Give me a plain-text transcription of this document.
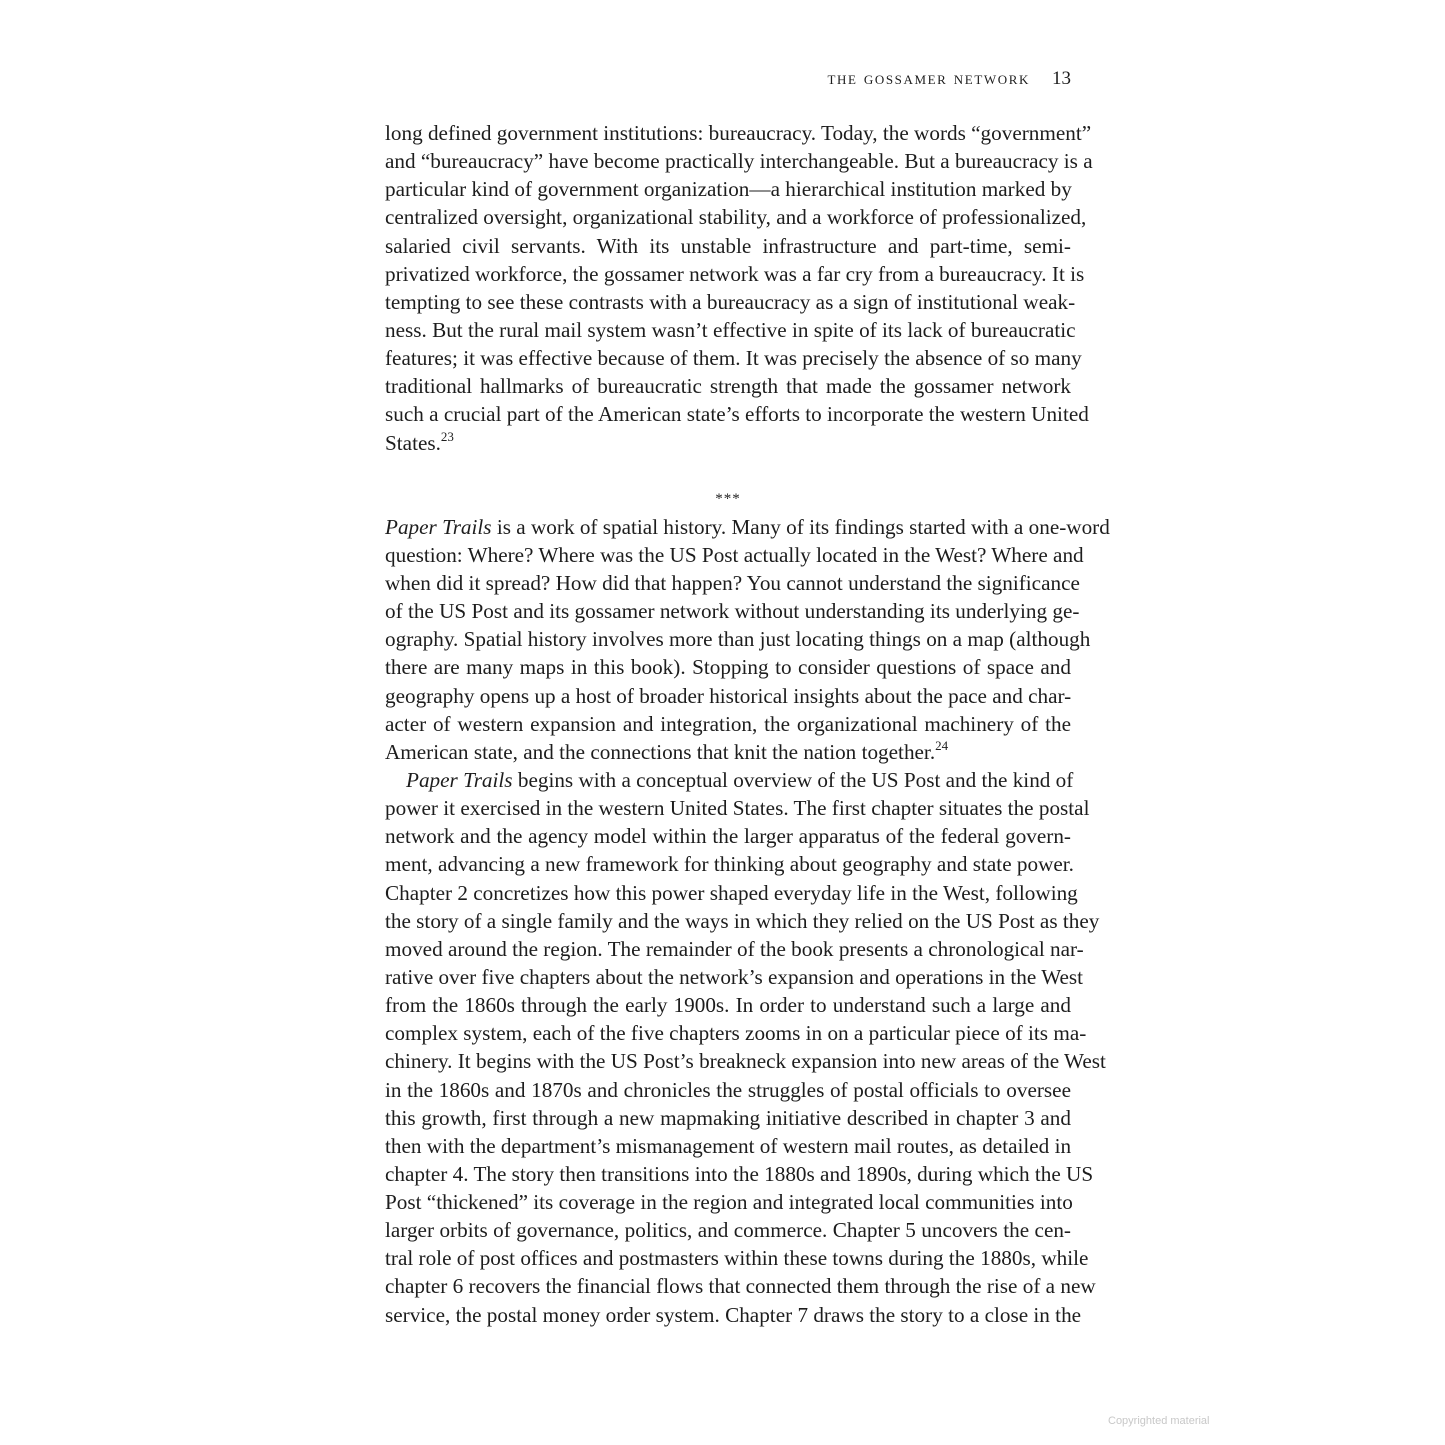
the gossamer network 13

long defined government institutions: bureaucracy. Today, the words “government”
and “bureaucracy” have become practically interchangeable. But a bureaucracy is a
particular kind of government organization—a hierarchical institution marked by
centralized oversight, organizational stability, and a workforce of professionalized,
salaried civil servants. With its unstable infrastructure and part-time, semi-
privatized workforce, the gossamer network was a far cry from a bureaucracy. It is
tempting to see these contrasts with a bureaucracy as a sign of institutional weak-
ness. But the rural mail system wasn’t effective in spite of its lack of bureaucratic
features; it was effective because of them. It was precisely the absence of so many
traditional hallmarks of bureaucratic strength that made the gossamer network
such a crucial part of the American state’s efforts to incorporate the western United
States.$^{23}$

***

Paper Trails is a work of spatial history. Many of its findings started with a one-word
question: Where? Where was the US Post actually located in the West? Where and
when did it spread? How did that happen? You cannot understand the significance
of the US Post and its gossamer network without understanding its underlying ge-
ography. Spatial history involves more than just locating things on a map (although
there are many maps in this book). Stopping to consider questions of space and
geography opens up a host of broader historical insights about the pace and char-
acter of western expansion and integration, the organizational machinery of the
American state, and the connections that knit the nation together.$^{24}$

Paper Trails begins with a conceptual overview of the US Post and the kind of
power it exercised in the western United States. The first chapter situates the postal
network and the agency model within the larger apparatus of the federal govern-
ment, advancing a new framework for thinking about geography and state power.
Chapter 2 concretizes how this power shaped everyday life in the West, following
the story of a single family and the ways in which they relied on the US Post as they
moved around the region. The remainder of the book presents a chronological nar-
rative over five chapters about the network’s expansion and operations in the West
from the 1860s through the early 1900s. In order to understand such a large and
complex system, each of the five chapters zooms in on a particular piece of its ma-
chinery. It begins with the US Post’s breakneck expansion into new areas of the West
in the 1860s and 1870s and chronicles the struggles of postal officials to oversee
this growth, first through a new mapmaking initiative described in chapter 3 and
then with the department’s mismanagement of western mail routes, as detailed in
chapter 4. The story then transitions into the 1880s and 1890s, during which the US
Post “thickened” its coverage in the region and integrated local communities into
larger orbits of governance, politics, and commerce. Chapter 5 uncovers the cen-
tral role of post offices and postmasters within these towns during the 1880s, while
chapter 6 recovers the financial flows that connected them through the rise of a new
service, the postal money order system. Chapter 7 draws the story to a close in the

Copyrighted material
